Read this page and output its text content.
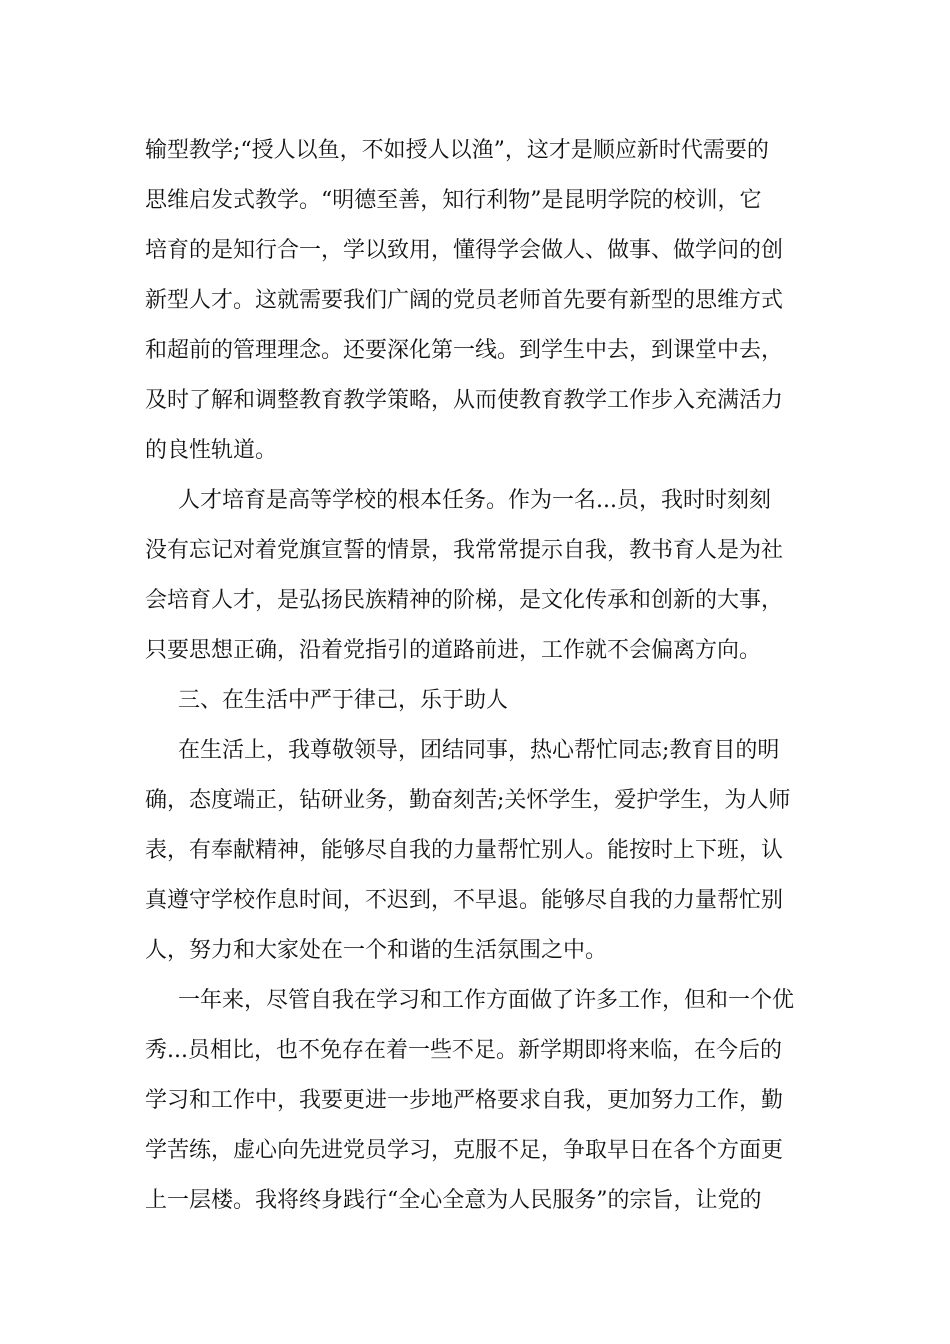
输型教学;“授人以鱼，不如授人以渔”，这才是顺应新时代需要的
思维启发式教学。“明德至善，知行利物”是昆明学院的校训，它
培育的是知行合一，学以致用，懂得学会做人、做事、做学问的创
新型人才。这就需要我们广阔的党员老师首先要有新型的思维方式
和超前的管理理念。还要深化第一线。到学生中去，到课堂中去，
及时了解和调整教育教学策略，从而使教育教学工作步入充满活力
的良性轨道。
人才培育是高等学校的根本任务。作为一名...员，我时时刻刻
没有忘记对着党旗宣誓的情景，我常常提示自我，教书育人是为社
会培育人才，是弘扬民族精神的阶梯，是文化传承和创新的大事，
只要思想正确，沿着党指引的道路前进，工作就不会偏离方向。
三、在生活中严于律己，乐于助人
在生活上，我尊敬领导，团结同事，热心帮忙同志;教育目的明
确，态度端正，钻研业务，勤奋刻苦;关怀学生，爱护学生，为人师
表，有奉献精神，能够尽自我的力量帮忙别人。能按时上下班，认
真遵守学校作息时间，不迟到，不早退。能够尽自我的力量帮忙别
人，努力和大家处在一个和谐的生活氛围之中。
一年来，尽管自我在学习和工作方面做了许多工作，但和一个优
秀...员相比，也不免存在着一些不足。新学期即将来临，在今后的
学习和工作中，我要更进一步地严格要求自我，更加努力工作，勤
学苦练，虚心向先进党员学习，克服不足，争取早日在各个方面更
上一层楼。我将终身践行“全心全意为人民服务”的宗旨，让党的
